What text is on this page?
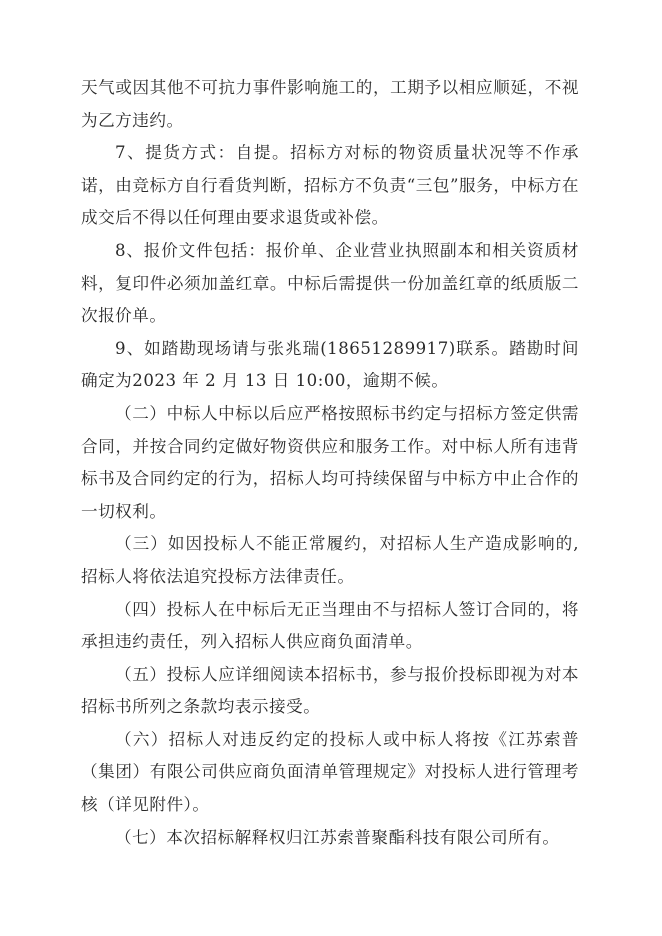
天气或因其他不可抗力事件影响施工的，工期予以相应顺延，不视为乙方违约。

7、提货方式：自提。招标方对标的物资质量状况等不作承诺，由竞标方自行看货判断，招标方不负责“三包”服务，中标方在成交后不得以任何理由要求退货或补偿。

8、报价文件包括：报价单、企业营业执照副本和相关资质材料，复印件必须加盖红章。中标后需提供一份加盖红章的纸质版二次报价单。

9、如踏勘现场请与张兆瑞(18651289917)联系。踏勘时间确定为2023 年 2 月 13 日 10:00，逾期不候。

（二）中标人中标以后应严格按照标书约定与招标方签定供需合同，并按合同约定做好物资供应和服务工作。对中标人所有违背标书及合同约定的行为，招标人均可持续保留与中标方中止合作的一切权利。

（三）如因投标人不能正常履约，对招标人生产造成影响的,招标人将依法追究投标方法律责任。

（四）投标人在中标后无正当理由不与招标人签订合同的，将承担违约责任，列入招标人供应商负面清单。

（五）投标人应详细阅读本招标书，参与报价投标即视为对本招标书所列之条款均表示接受。

（六）招标人对违反约定的投标人或中标人将按《江苏索普（集团）有限公司供应商负面清单管理规定》对投标人进行管理考核（详见附件）。

（七）本次招标解释权归江苏索普聚酯科技有限公司所有。
